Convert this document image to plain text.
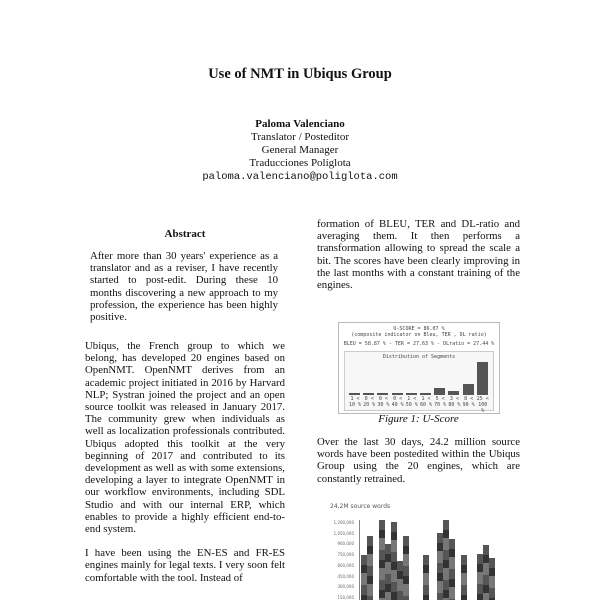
Use of NMT in Ubiqus Group
Paloma Valenciano
Translator / Posteditor
General Manager
Traducciones Políglota
paloma.valenciano@poliglota.com
Abstract

After more than 30 years' experience as a translator and as a reviser, I have recently started to post-edit. During these 10 months discovering a new approach to my profession, the experience has been highly positive.

Ubiqus, the French group to which we belong, has developed 20 engines based on OpenNMT. OpenNMT derives from an academic project initiated in 2016 by Harvard NLP; Systran joined the project and an open source toolkit was released in January 2017. The community grew when individuals as well as localization professionals contributed. Ubiqus adopted this toolkit at the very beginning of 2017 and contributed to its development as well as with some extensions, developing a layer to integrate OpenNMT in our workflow environments, including SDL Studio and with our internal ERP, which enables to provide a highly efficient end-to-end system.

I have been using the EN-ES and FR-ES engines mainly for legal texts. I very soon felt comfortable with the tool. Instead of

formation of BLEU, TER and DL-ratio and averaging them. It then performs a transformation allowing to spread the scale a bit. The scores have been clearly improving in the last months with a constant training of the engines.

U-SCORE = 86.07 %
(composite indicator on Bleu, TER , DL ratio)
BLEU = 58.87 % - TER = 27.63 % - DLratio = 27.44 %
Distribution of Segments
1 < 10 %
0 < 20 %
0 < 30 %
0 < 40 %
1 < 50 %
1 < 60 %
5 < 70 %
3 < 80 %
8 < 90 %
25 < 100 %
Figure 1: U-Score

Over the last 30 days, 24.2 million source words have been postedited within the Ubiqus Group using the 20 engines, which are constantly retrained.

24,2M source words
1,200,000
1,050,000
900,000
750,000
600,000
450,000
300,000
150,000
